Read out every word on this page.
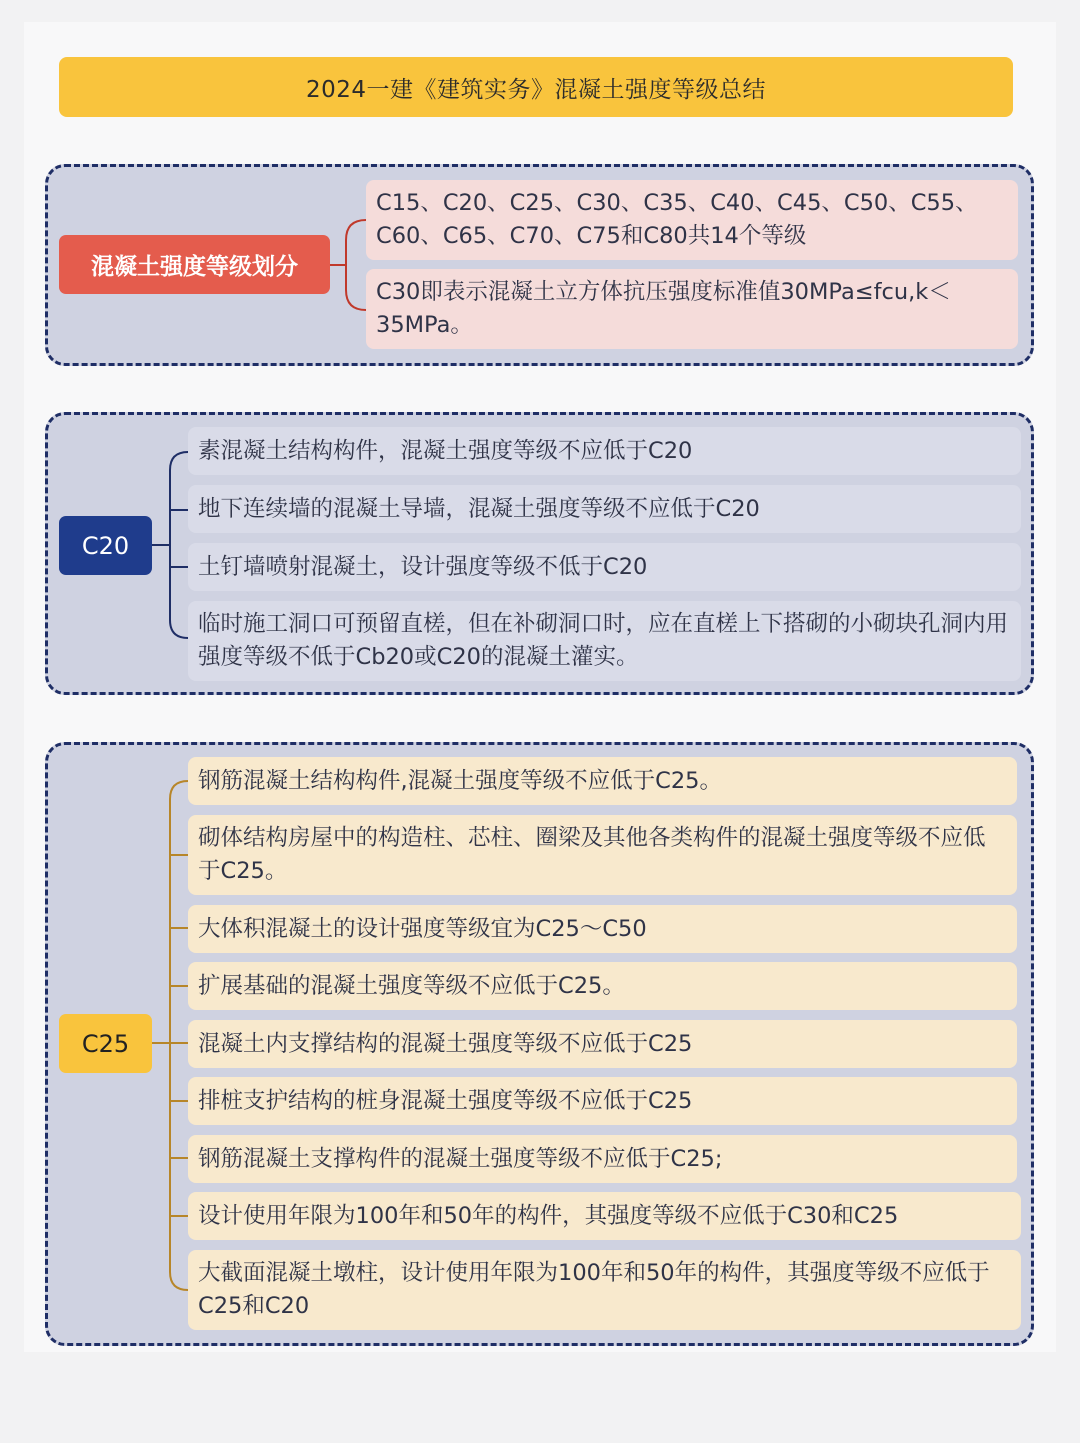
2024一建《建筑实务》混凝土强度等级总结
混凝土强度等级划分
C15、C20、C25、C30、C35、C40、C45、C50、C55、C60、C65、C70、C75和C80共14个等级
C30即表示混凝土立方体抗压强度标准值30MPa≤fcu,k＜35MPa。
C20
素混凝土结构构件，混凝土强度等级不应低于C20
地下连续墙的混凝土导墙，混凝土强度等级不应低于C20
土钉墙喷射混凝土，设计强度等级不低于C20
临时施工洞口可预留直槎，但在补砌洞口时，应在直槎上下搭砌的小砌块孔洞内用强度等级不低于Cb20或C20的混凝土灌实。
C25
钢筋混凝土结构构件,混凝土强度等级不应低于C25。
砌体结构房屋中的构造柱、芯柱、圈梁及其他各类构件的混凝土强度等级不应低于C25。
大体积混凝土的设计强度等级宜为C25～C50
扩展基础的混凝土强度等级不应低于C25。
混凝土内支撑结构的混凝土强度等级不应低于C25
排桩支护结构的桩身混凝土强度等级不应低于C25
钢筋混凝土支撑构件的混凝土强度等级不应低于C25;
设计使用年限为100年和50年的构件，其强度等级不应低于C30和C25
大截面混凝土墩柱，设计使用年限为100年和50年的构件，其强度等级不应低于C25和C20
